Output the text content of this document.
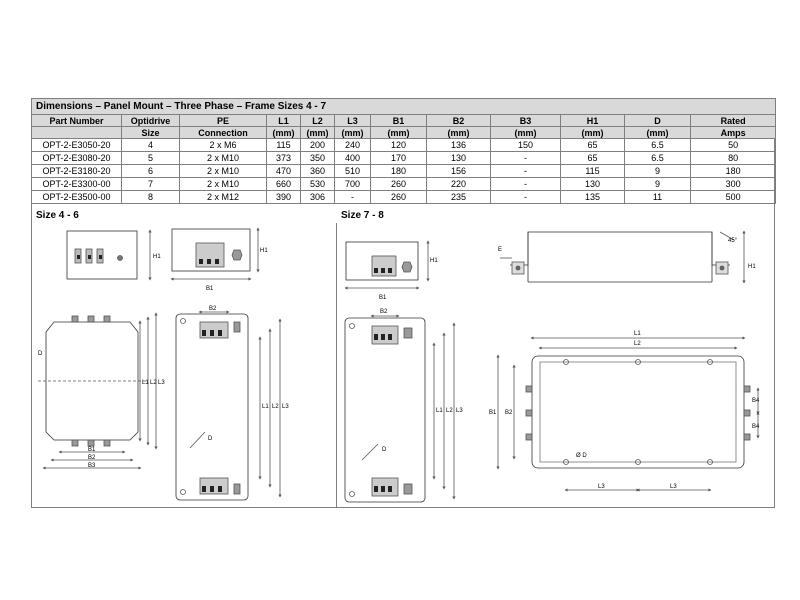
Dimensions – Panel Mount – Three Phase – Frame Sizes 4 - 7											
Part Number	Optidrive	PE	L1	L2	L3	B1	B2	B3	H1	D	Rated
	Size	Connection	(mm)	(mm)	(mm)	(mm)	(mm)	(mm)	(mm)	(mm)	Amps
OPT-2-E3050-20	4	2 x M6	115	200	240	120	136	150	65	6.5	50
OPT-2-E3080-20	5	2 x M10	373	350	400	170	130	-	65	6.5	80
OPT-2-E3180-20	6	2 x M10	470	360	510	180	156	-	115	9	180
OPT-2-E3300-00	7	2 x M10	660	530	700	260	220	-	130	9	300
OPT-2-E3500-00	8	2 x M12	390	306	-	260	235	-	135	11	500
Size 4 - 6	Size 7 - 8
H1
H1
B1
D
L1 L2 L3
B1
B2
B3
B2
D
L1 L2 L3
H1
B1
45°
E
H1
B2
D
L1 L2 L3
Ø D
L1
L2
L3	L3
B1 B2
B4
B4
